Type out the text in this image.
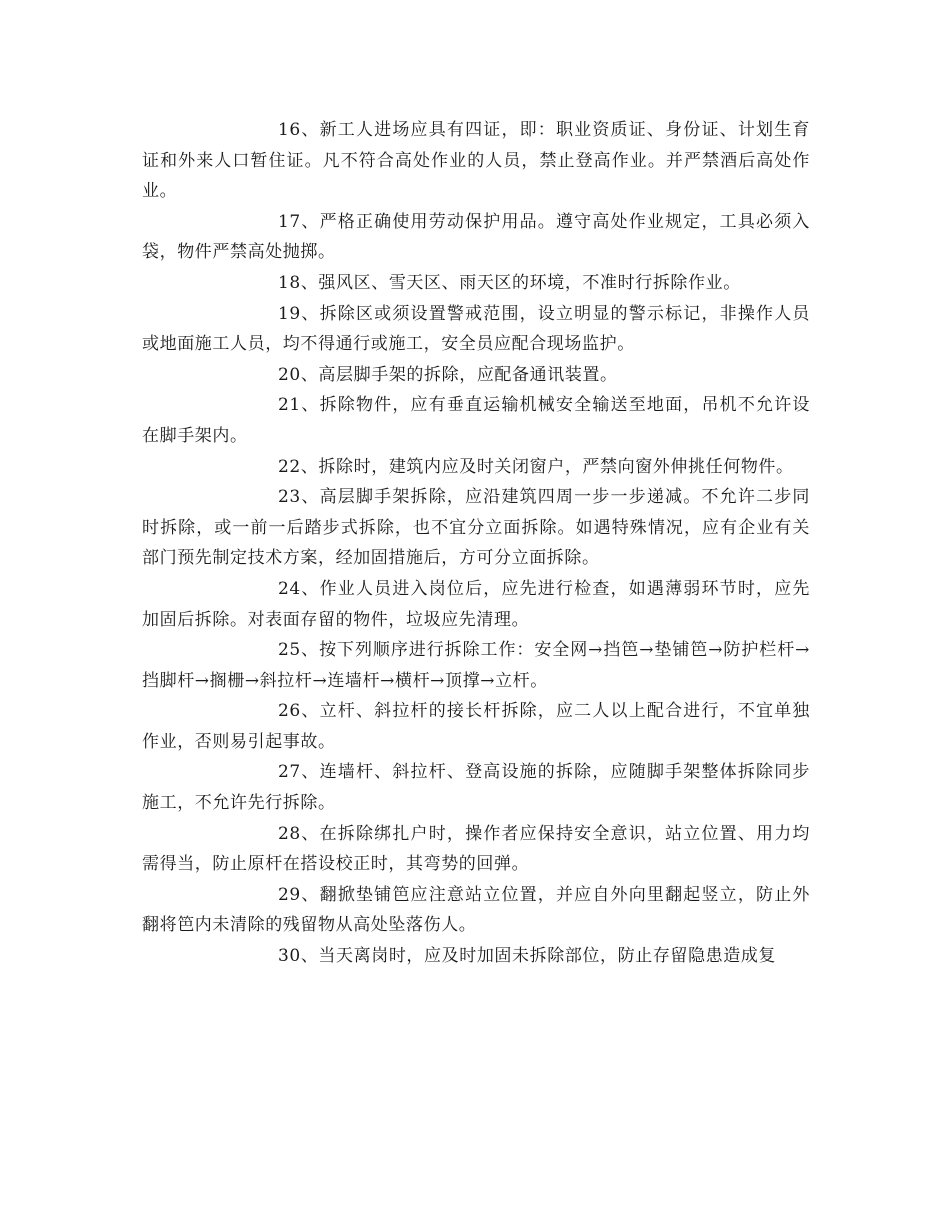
16、新工人进场应具有四证，即：职业资质证、身份证、计划生育证和外来人口暂住证。凡不符合高处作业的人员，禁止登高作业。并严禁酒后高处作业。

17、严格正确使用劳动保护用品。遵守高处作业规定，工具必须入袋，物件严禁高处抛掷。

18、强风区、雪天区、雨天区的环境，不准时行拆除作业。

19、拆除区或须设置警戒范围，设立明显的警示标记，非操作人员或地面施工人员，均不得通行或施工，安全员应配合现场监护。

20、高层脚手架的拆除，应配备通讯装置。

21、拆除物件，应有垂直运输机械安全输送至地面，吊机不允许设在脚手架内。

22、拆除时，建筑内应及时关闭窗户，严禁向窗外伸挑任何物件。

23、高层脚手架拆除，应沿建筑四周一步一步递减。不允许二步同时拆除，或一前一后踏步式拆除，也不宜分立面拆除。如遇特殊情况，应有企业有关部门预先制定技术方案，经加固措施后，方可分立面拆除。

24、作业人员进入岗位后，应先进行检查，如遇薄弱环节时，应先加固后拆除。对表面存留的物件，垃圾应先清理。

25、按下列顺序进行拆除工作：安全网→挡笆→垫铺笆→防护栏杆→挡脚杆→搁栅→斜拉杆→连墙杆→横杆→顶撑→立杆。

26、立杆、斜拉杆的接长杆拆除，应二人以上配合进行，不宜单独作业，否则易引起事故。

27、连墙杆、斜拉杆、登高设施的拆除，应随脚手架整体拆除同步施工，不允许先行拆除。

28、在拆除绑扎户时，操作者应保持安全意识，站立位置、用力均需得当，防止原杆在搭设校正时，其弯势的回弹。

29、翻掀垫铺笆应注意站立位置，并应自外向里翻起竖立，防止外翻将笆内未清除的残留物从高处坠落伤人。

30、当天离岗时，应及时加固未拆除部位，防止存留隐患造成复
